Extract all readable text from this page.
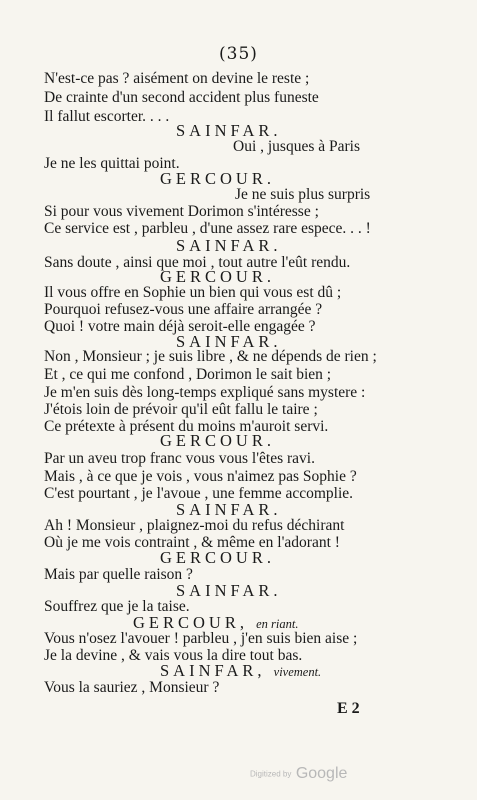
(35)
N'est-ce pas ? aisément on devine le reste ;
De crainte d'un second accident plus funeste
Il fallut escorter. . . .
SAINFAR.
Oui , jusques à Paris
Je ne les quittai point.
GERCOUR.
Je ne suis plus surpris
Si pour vous vivement Dorimon s'intéresse ;
Ce service est , parbleu , d'une assez rare espece. . . !
SAINFAR.
Sans doute , ainsi que moi , tout autre l'eût rendu.
GERCOUR.
Il vous offre en Sophie un bien qui vous est dû ;
Pourquoi refusez-vous une affaire arrangée ?
Quoi ! votre main déjà seroit-elle engagée ?
SAINFAR.
Non , Monsieur ; je suis libre , & ne dépends de rien ;
Et , ce qui me confond , Dorimon le sait bien ;
Je m'en suis dès long-temps expliqué sans mystere :
J'étois loin de prévoir qu'il eût fallu le taire ;
Ce prétexte à présent du moins m'auroit servi.
GERCOUR.
Par un aveu trop franc vous vous l'êtes ravi.
Mais , à ce que je vois , vous n'aimez pas Sophie ?
C'est pourtant , je l'avoue , une femme accomplie.
SAINFAR.
Ah ! Monsieur , plaignez-moi du refus déchirant
Où je me vois contraint , & même en l'adorant !
GERCOUR.
Mais par quelle raison ?
SAINFAR.
Souffrez que je la taise.
GERCOUR, en riant.
Vous n'osez l'avouer ! parbleu , j'en suis bien aise ;
Je la devine , & vais vous la dire tout bas.
SAINFAR, vivement.
Vous la sauriez , Monsieur ?
E 2
Digitized by Google
